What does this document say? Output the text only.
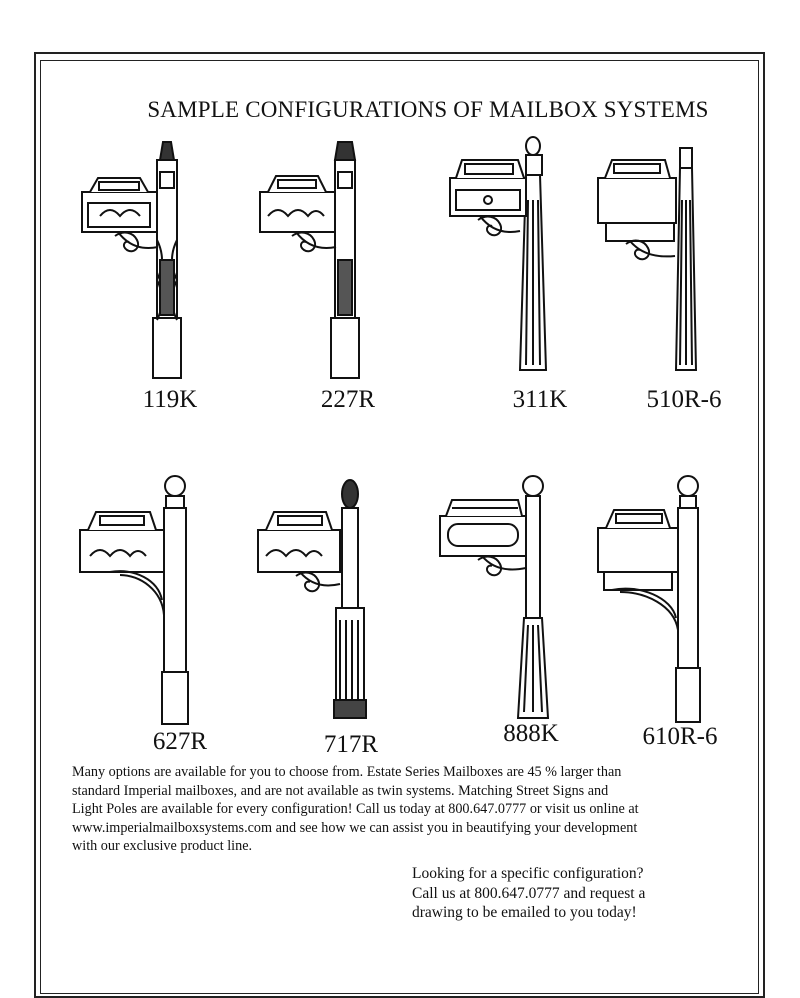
SAMPLE CONFIGURATIONS OF MAILBOX SYSTEMS
119K	227R	311K	510R-6
627R	717R	888K	610R-6
Many options are available for you to choose from. Estate Series Mailboxes are 45 % larger than
standard Imperial mailboxes, and are not available as twin systems. Matching Street Signs and
Light Poles are available for every configuration! Call us today at 800.647.0777 or visit us online at
www.imperialmailboxsystems.com and see how we can assist you in beautifying your development
with our exclusive product line.
Looking for a specific configuration?
Call us at 800.647.0777 and request a
drawing to be emailed to you today!
